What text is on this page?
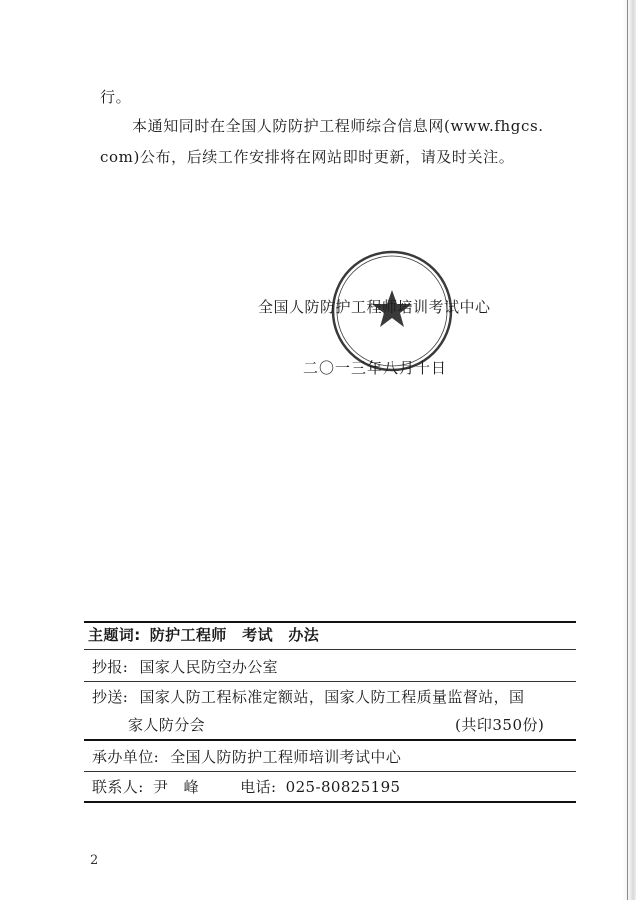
行。
本通知同时在全国人防防护工程师综合信息网(www.fhgcs.
com)公布，后续工作安排将在网站即时更新，请及时关注。
全国人防防护工程师培训考试中心
二〇一三年八月十日
主题词: 防护工程师　考试　办法
抄报: 国家人民防空办公室
抄送: 国家人防工程标准定额站，国家人防工程质量监督站，国
家人防分会	(共印350份)
承办单位: 全国人防防护工程师培训考试中心
联系人: 尹　峰	电话: 025-80825195
2
